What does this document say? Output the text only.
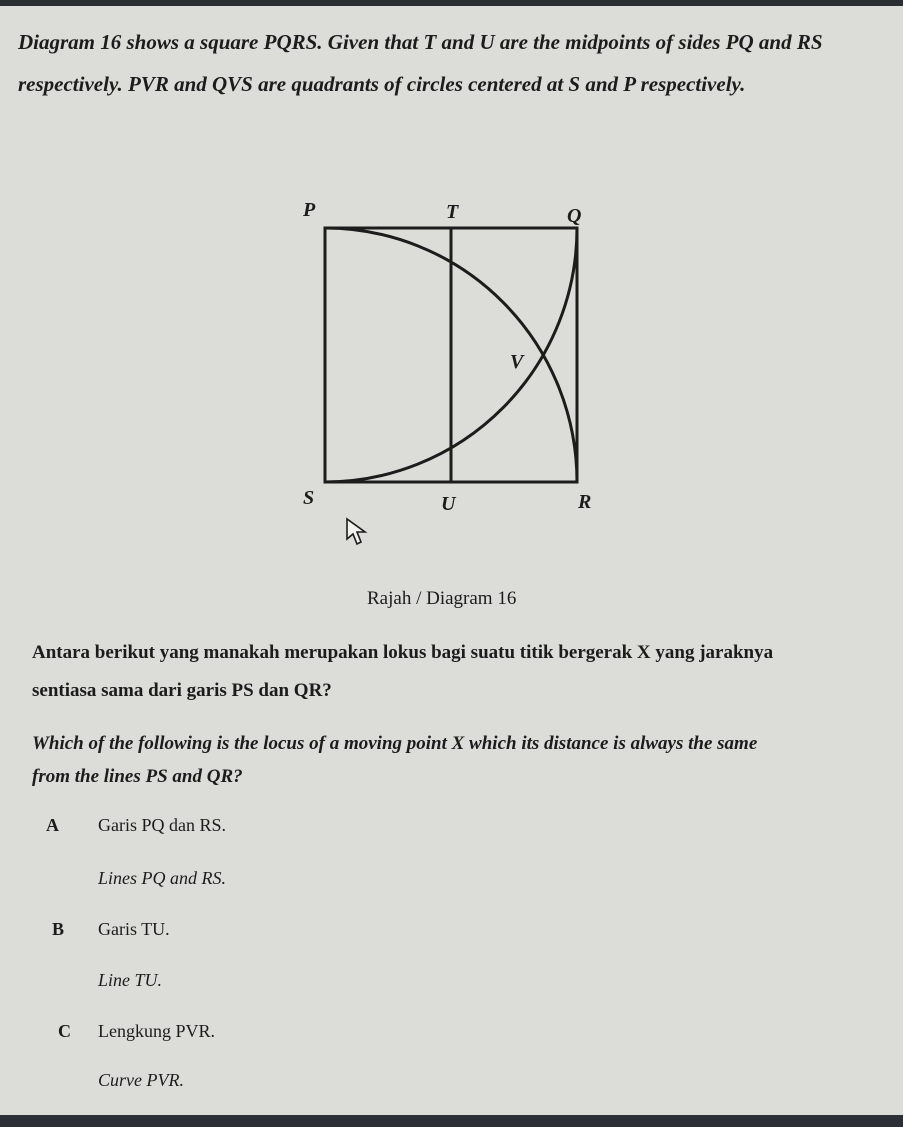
Diagram 16 shows a square PQRS. Given that T and U are the midpoints of sides PQ and RS
respectively. PVR and QVS are quadrants of circles centered at S and P respectively.
P	T	Q
V
S	U	R
Rajah / Diagram 16
Antara berikut yang manakah merupakan lokus bagi suatu titik bergerak X yang jaraknya
sentiasa sama dari garis PS dan QR?
Which of the following is the locus of a moving point X which its distance is always the same
from the lines PS and QR?
A Garis PQ dan RS.
Lines PQ and RS.
B Garis TU.
Line TU.
C Lengkung PVR.
Curve PVR.
